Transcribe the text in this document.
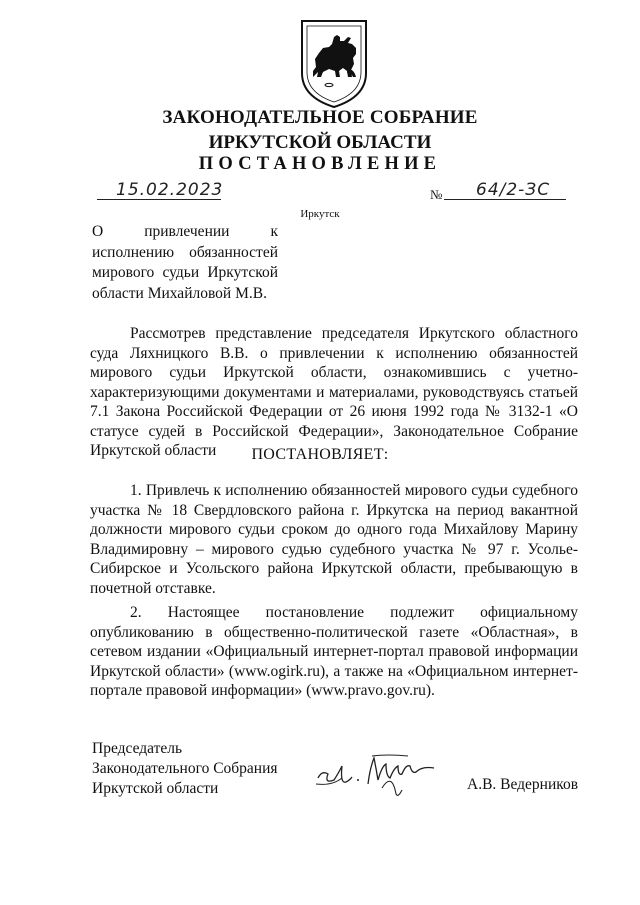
ЗАКОНОДАТЕЛЬНОЕ СОБРАНИЕ
ИРКУТСКОЙ ОБЛАСТИ
ПОСТАНОВЛЕНИЕ
15.02.2023	№ 64/2-ЗС
Иркутск
О привлечении к исполнению обязанностей мирового судьи Иркутской области Михайловой М.В.
Рассмотрев представление председателя Иркутского областного суда Ляхницкого В.В. о привлечении к исполнению обязанностей мирового судьи Иркутской области, ознакомившись с учетно-характеризующими документами и материалами, руководствуясь статьей 7.1 Закона Российской Федерации от 26 июня 1992 года № 3132-1 «О статусе судей в Российской Федерации», Законодательное Собрание Иркутской области	ПОСТАНОВЛЯЕТ:
1. Привлечь к исполнению обязанностей мирового судьи судебного участка № 18 Свердловского района г. Иркутска на период вакантной должности мирового судьи сроком до одного года Михайлову Марину Владимировну – мирового судью судебного участка № 97 г. Усолье-Сибирское и Усольского района Иркутской области, пребывающую в почетной отставке.
2. Настоящее постановление подлежит официальному опубликованию в общественно-политической газете «Областная», в сетевом издании «Официальный интернет-портал правовой информации Иркутской области» (www.ogirk.ru), а также на «Официальном интернет-портале правовой информации» (www.pravo.gov.ru).
Председатель
Законодательного Собрания
Иркутской области	А.В. Ведерников
